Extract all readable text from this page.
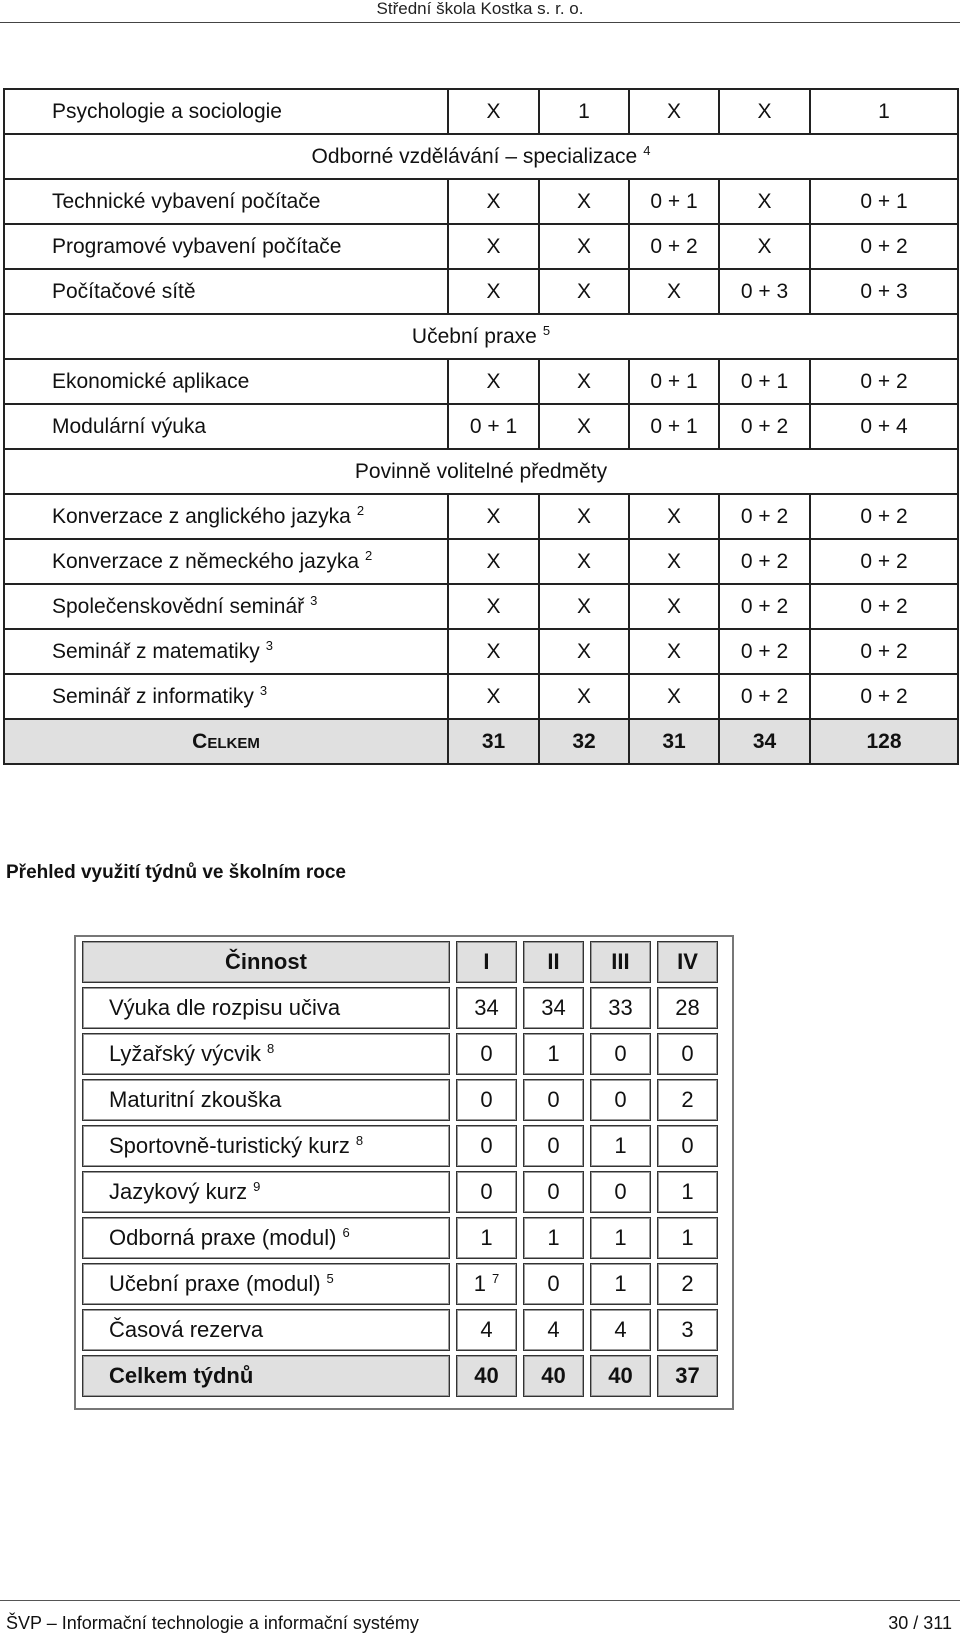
Střední škola Kostka s. r. o.
Psychologie a sociologie	X	1	X	X	1
Odborné vzdělávání – specializace $^4$
Technické vybavení počítače	X	X	0 + 1	X	0 + 1
Programové vybavení počítače	X	X	0 + 2	X	0 + 2
Počítačové sítě	X	X	X	0 + 3	0 + 3
Učební praxe $^5$
Ekonomické aplikace	X	X	0 + 1	0 + 1	0 + 2
Modulární výuka	0 + 1	X	0 + 1	0 + 2	0 + 4
Povinně volitelné předměty					
Konverzace z anglického jazyka $^2$	X	X	X	0 + 2	0 + 2
Konverzace z německého jazyka $^2$	X	X	X	0 + 2	0 + 2
Společenskovědní seminář $^3$	X	X	X	0 + 2	0 + 2
Seminář z matematiky $^3$	X	X	X	0 + 2	0 + 2
Seminář z informatiky $^3$	X	X	X	0 + 2	0 + 2
CELKEM	31	32	31	34	128
Přehled využití týdnů ve školním roce
Činnost	I	II	III	IV
Výuka dle rozpisu učiva	34	34	33	28
Lyžařský výcvik $^8$	0	1	0	0
Maturitní zkouška	0	0	0	2
Sportovně-turistický kurz $^8$	0	0	1	0
Jazykový kurz $^9$	0	0	0	1
Odborná praxe (modul) $^6$	1	1	1	1
Učební praxe (modul) $^5$	1 $^7$	0	1	2
Časová rezerva	4	4	4	3
Celkem týdnů	40	40	40	37
ŠVP – Informační technologie a informační systémy	30 / 311
